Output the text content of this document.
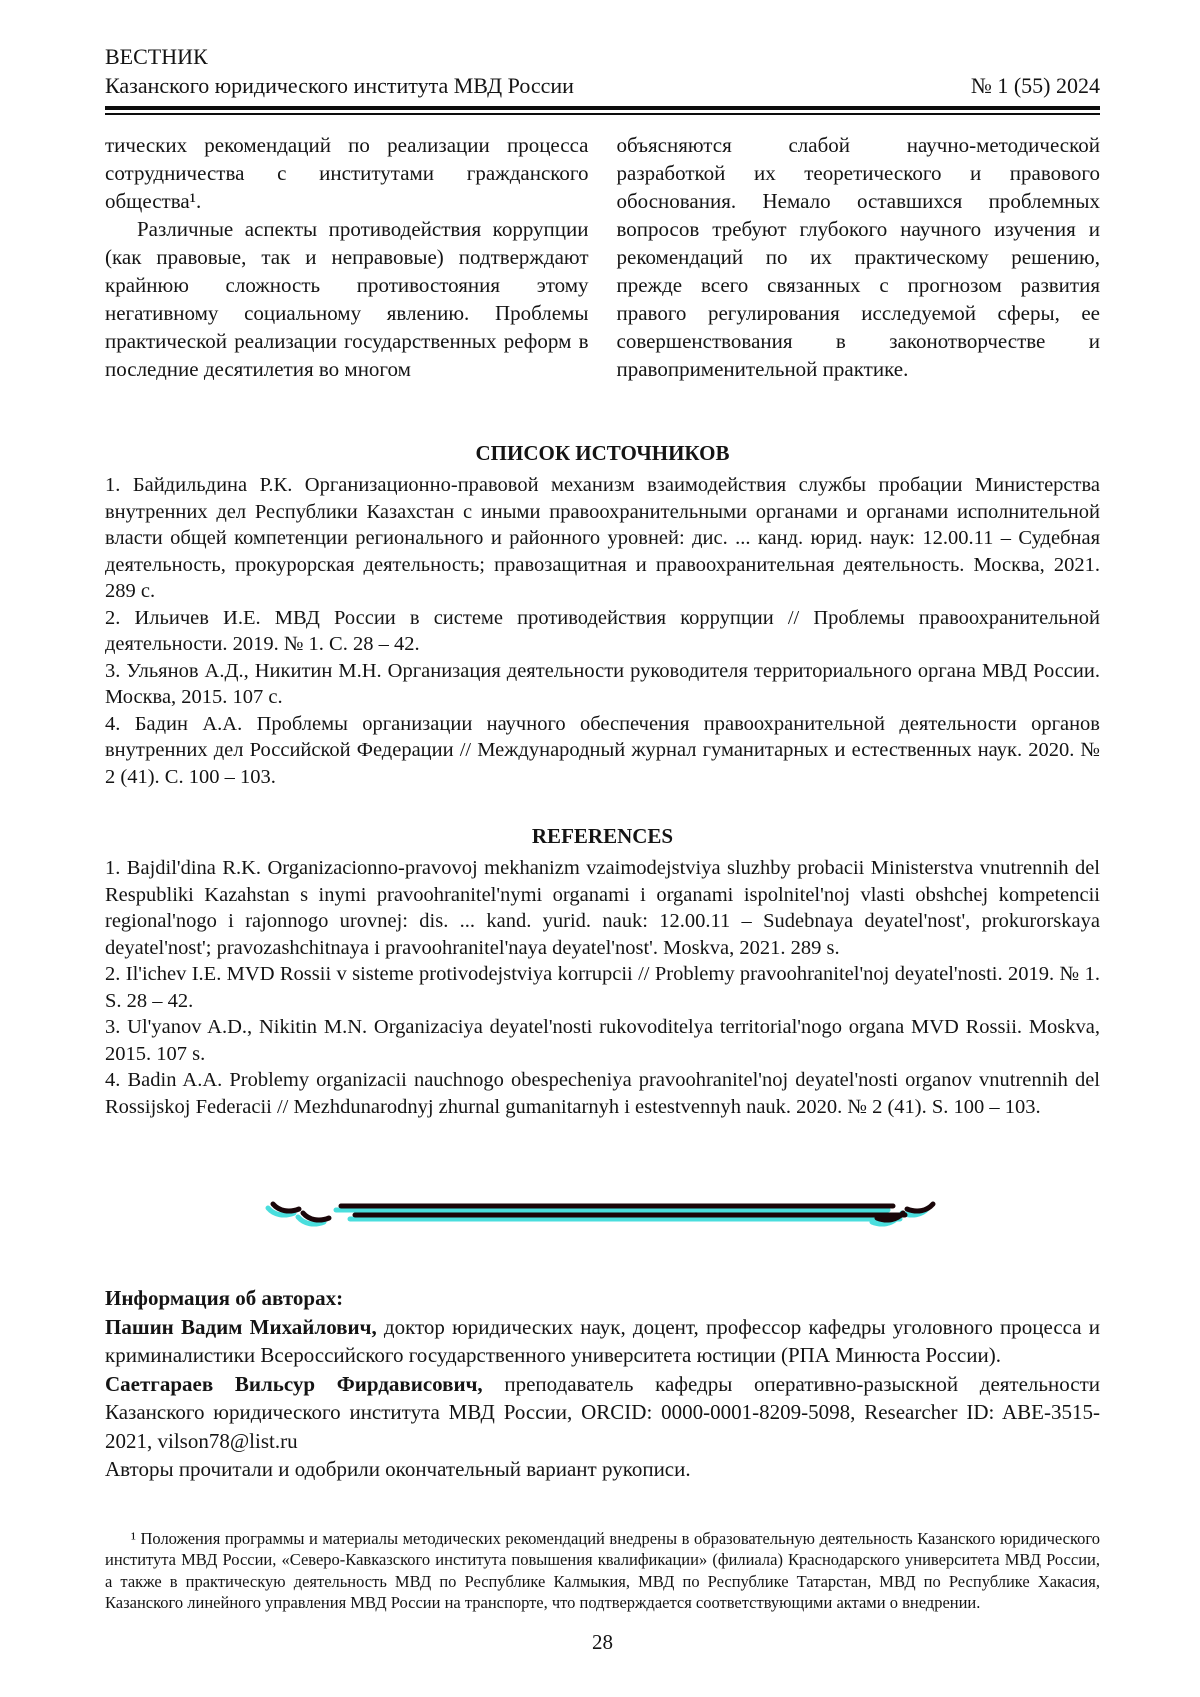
ВЕСТНИК
Казанского юридического института МВД России	№ 1 (55) 2024

тических рекомендаций по реализации процесса сотрудничества с институтами гражданского общества¹.

Различные аспекты противодействия коррупции (как правовые, так и неправовые) подтверждают крайнюю сложность противостояния этому негативному социальному явлению. Проблемы практической реализации государственных реформ в последние десятилетия во многом

объясняются слабой научно-методической разработкой их теоретического и правового обоснования. Немало оставшихся проблемных вопросов требуют глубокого научного изучения и рекомендаций по их практическому решению, прежде всего связанных с прогнозом развития правого регулирования исследуемой сферы, ее совершенствования в законотворчестве и правоприменительной практике.

СПИСОК ИСТОЧНИКОВ

1. Байдильдина Р.К. Организационно-правовой механизм взаимодействия службы пробации Министерства внутренних дел Республики Казахстан с иными правоохранительными органами и органами исполнительной власти общей компетенции регионального и районного уровней: дис. ... канд. юрид. наук: 12.00.11 – Судебная деятельность, прокурорская деятельность; правозащитная и правоохранительная деятельность. Москва, 2021. 289 с.

2. Ильичев И.Е. МВД России в системе противодействия коррупции // Проблемы правоохранительной деятельности. 2019. № 1. С. 28 – 42.

3. Ульянов А.Д., Никитин М.Н. Организация деятельности руководителя территориального органа МВД России. Москва, 2015. 107 с.

4. Бадин А.А. Проблемы организации научного обеспечения правоохранительной деятельности органов внутренних дел Российской Федерации // Международный журнал гуманитарных и естественных наук. 2020. № 2 (41). С. 100 – 103.

REFERENCES

1. Bajdil'dina R.K. Organizacionno-pravovoj mekhanizm vzaimodejstviya sluzhby probacii Ministerstva vnutrennih del Respubliki Kazahstan s inymi pravoohranitel'nymi organami i organami ispolnitel'noj vlasti obshchej kompetencii regional'nogo i rajonnogo urovnej: dis. ... kand. yurid. nauk: 12.00.11 – Sudebnaya deyatel'nost', prokurorskaya deyatel'nost'; pravozashchitnaya i pravoohranitel'naya deyatel'nost'. Moskva, 2021. 289 s.

2. Il'ichev I.E. MVD Rossii v sisteme protivodejstviya korrupcii // Problemy pravoohranitel'noj deyatel'nosti. 2019. № 1. S. 28 – 42.

3. Ul'yanov A.D., Nikitin M.N. Organizaciya deyatel'nosti rukovoditelya territorial'nogo organa MVD Rossii. Moskva, 2015. 107 s.

4. Badin A.A. Problemy organizacii nauchnogo obespecheniya pravoohranitel'noj deyatel'nosti organov vnutrennih del Rossijskoj Federacii // Mezhdunarodnyj zhurnal gumanitarnyh i estestvennyh nauk. 2020. № 2 (41). S. 100 – 103.

Информация об авторах:

Пашин Вадим Михайлович, доктор юридических наук, доцент, профессор кафедры уголовного процесса и криминалистики Всероссийского государственного университета юстиции (РПА Минюста России).

Саетгараев Вильсур Фирдависович, преподаватель кафедры оперативно-разыскной деятельности Казанского юридического института МВД России, ORCID: 0000-0001-8209-5098, Researcher ID: ABE-3515-2021, vilson78@list.ru

Авторы прочитали и одобрили окончательный вариант рукописи.

¹ Положения программы и материалы методических рекомендаций внедрены в образовательную деятельность Казанского юридического института МВД России, «Северо-Кавказского института повышения квалификации» (филиала) Краснодарского университета МВД России, а также в практическую деятельность МВД по Республике Калмыкия, МВД по Республике Татарстан, МВД по Республике Хакасия, Казанского линейного управления МВД России на транспорте, что подтверждается соответствующими актами о внедрении.

28
